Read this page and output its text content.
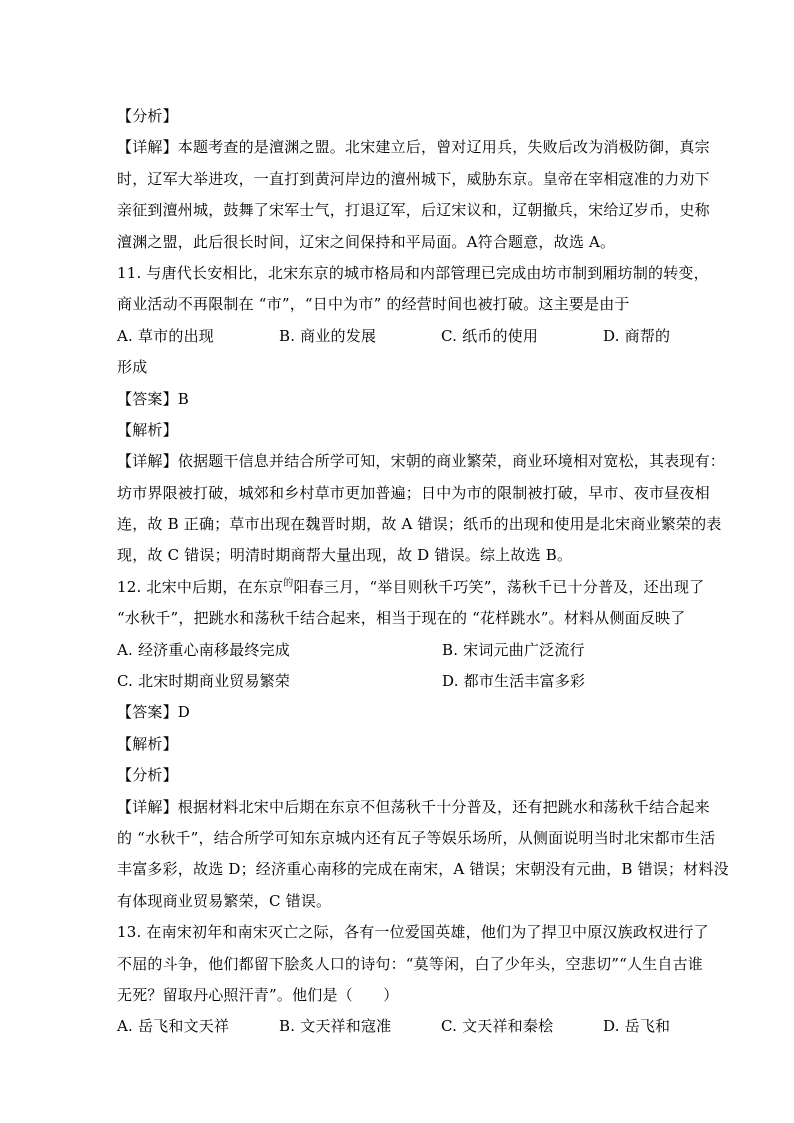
【分析】
【详解】本题考查的是澶渊之盟。北宋建立后，曾对辽用兵，失败后改为消极防御，真宗
时，辽军大举进攻，一直打到黄河岸边的澶州城下，威胁东京。皇帝在宰相寇准的力劝下
亲征到澶州城，鼓舞了宋军士气，打退辽军，后辽宋议和，辽朝撤兵，宋给辽岁币，史称
澶渊之盟，此后很长时间，辽宋之间保持和平局面。A符合题意，故选 A。
11. 与唐代长安相比，北宋东京的城市格局和内部管理已完成由坊市制到厢坊制的转变，
商业活动不再限制在 “市”，“日中为市” 的经营时间也被打破。这主要是由于
A. 草市的出现	B. 商业的发展	C. 纸币的使用	D. 商帮的
形成
【答案】B
【解析】
【详解】依据题干信息并结合所学可知，宋朝的商业繁荣，商业环境相对宽松，其表现有：
坊市界限被打破，城郊和乡村草市更加普遍；日中为市的限制被打破，早市、夜市昼夜相
连，故 B 正确；草市出现在魏晋时期，故 A 错误；纸币的出现和使用是北宋商业繁荣的表
现，故 C 错误；明清时期商帮大量出现，故 D 错误。综上故选 B。
12. 北宋中后期，在东京$^的$阳春三月，“举目则秋千巧笑”，荡秋千已十分普及，还出现了
“水秋千”，把跳水和荡秋千结合起来，相当于现在的 “花样跳水”。材料从侧面反映了
A. 经济重心南移最终完成	B. 宋词元曲广泛流行
C. 北宋时期商业贸易繁荣	D. 都市生活丰富多彩
【答案】D
【解析】
【分析】
【详解】根据材料北宋中后期在东京不但荡秋千十分普及，还有把跳水和荡秋千结合起来
的 “水秋千”，结合所学可知东京城内还有瓦子等娱乐场所，从侧面说明当时北宋都市生活
丰富多彩，故选 D；经济重心南移的完成在南宋，A 错误；宋朝没有元曲，B 错误；材料没
有体现商业贸易繁荣，C 错误。
13. 在南宋初年和南宋灭亡之际，各有一位爱国英雄，他们为了捍卫中原汉族政权进行了
不屈的斗争，他们都留下脍炙人口的诗句：“莫等闲，白了少年头，空悲切”“人生自古谁
无死？留取丹心照汗青”。他们是（　　）
A. 岳飞和文天祥	B. 文天祥和寇准	C. 文天祥和秦桧	D. 岳飞和
